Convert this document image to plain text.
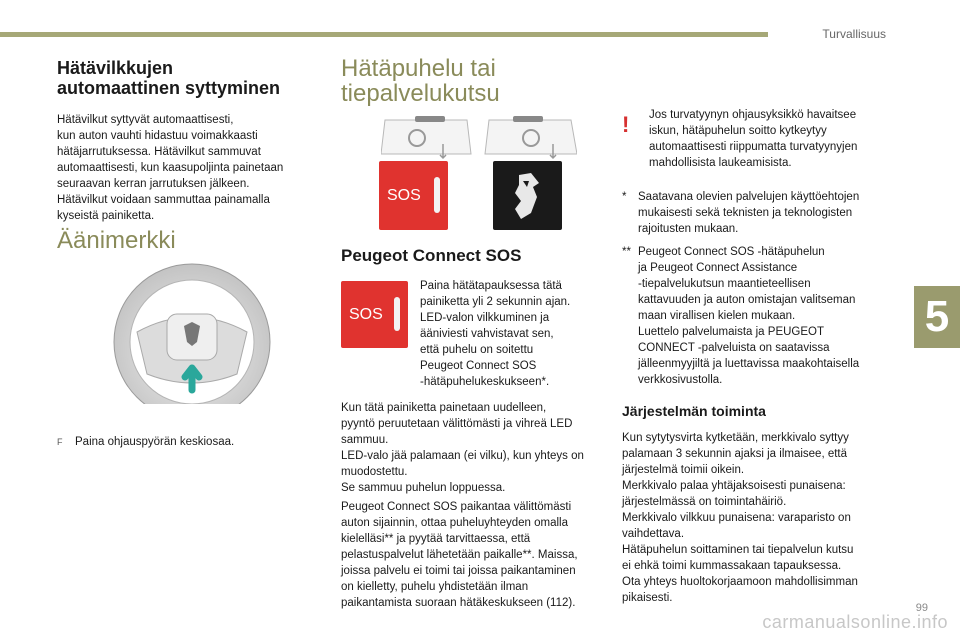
Turvallisuus
5
99
carmanualsonline.info
Hätävilkkujen
automaattinen syttyminen

Hätävilkut syttyvät automaattisesti,
kun auton vauhti hidastuu voimakkaasti
hätäjarrutuksessa. Hätävilkut sammuvat
automaattisesti, kun kaasupoljinta painetaan
seuraavan kerran jarrutuksen jälkeen.
Hätävilkut voidaan sammuttaa painamalla
kyseistä painiketta.

Äänimerkki
F	Paina ohjauspyörän keskiosaa.
Hätäpuhelu tai
tiepalvelukutsu
SOS
Peugeot Connect SOS
SOS

Paina hätätapauksessa tätä
painiketta yli 2 sekunnin ajan.
LED-valon vilkkuminen ja
ääniviesti vahvistavat sen,
että puhelu on soitettu
Peugeot Connect SOS
-hätäpuhelukeskukseen*.

Kun tätä painiketta painetaan uudelleen,
pyyntö peruutetaan välittömästi ja vihreä LED
sammuu.
LED-valo jää palamaan (ei vilku), kun yhteys on
muodostettu.
Se sammuu puhelun loppuessa.

Peugeot Connect SOS paikantaa välittömästi
auton sijainnin, ottaa puheluyhteyden omalla
kielelläsi** ja pyytää tarvittaessa, että
pelastuspalvelut lähetetään paikalle**. Maissa,
joissa palvelu ei toimi tai joissa paikantaminen
on kielletty, puhelu yhdistetään ilman
paikantamista suoraan hätäkeskukseen (112).

!	Jos turvatyynyn ohjausyksikkö havaitsee
iskun, hätäpuhelun soitto kytkeytyy
automaattisesti riippumatta turvatyynyjen
mahdollisista laukeamisista.

*	Saatavana olevien palvelujen käyttöehtojen
mukaisesti sekä teknisten ja teknologisten
rajoitusten mukaan.
** Peugeot Connect SOS -hätäpuhelun
ja Peugeot Connect Assistance
-tiepalvelukutsun maantieteellisen
kattavuuden ja auton omistajan valitseman
maan virallisen kielen mukaan.
Luettelo palvelumaista ja PEUGEOT
CONNECT -palveluista on saatavissa
jälleenmyyjiltä ja luettavissa maakohtaisella
verkkosivustolla.
Järjestelmän toiminta

Kun sytytysvirta kytketään, merkkivalo syttyy
palamaan 3 sekunnin ajaksi ja ilmaisee, että
järjestelmä toimii oikein.
Merkkivalo palaa yhtäjaksoisesti punaisena:
järjestelmässä on toimintahäiriö.
Merkkivalo vilkkuu punaisena: varaparisto on
vaihdettava.
Hätäpuhelun soittaminen tai tiepalvelun kutsu
ei ehkä toimi kummassakaan tapauksessa.
Ota yhteys huoltokorjaamoon mahdollisimman
pikaisesti.
